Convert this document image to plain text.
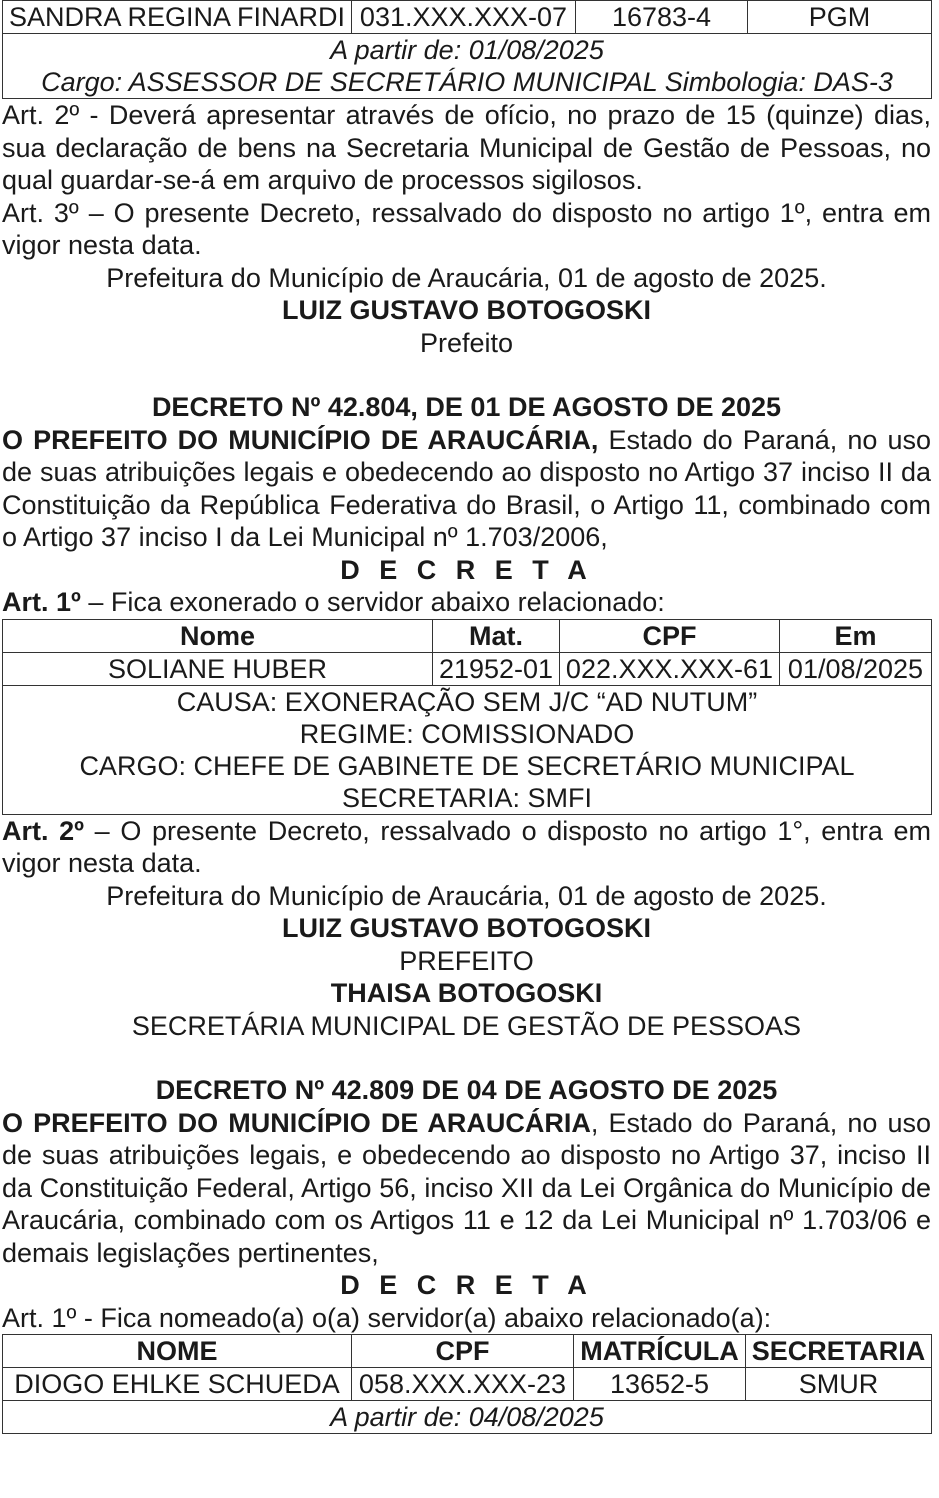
SANDRA REGINA FINARDI	031.XXX.XXX-07	16783-4	PGM

A partir de: 01/08/2025
Cargo: ASSESSOR DE SECRETÁRIO MUNICIPAL Simbologia: DAS-3

Art. 2º - Deverá apresentar através de ofício, no prazo de 15 (quinze) dias, sua declaração de bens na Secretaria Municipal de Gestão de Pessoas, no qual guardar-se-á em arquivo de processos sigilosos.

Art. 3º – O presente Decreto, ressalvado do disposto no artigo 1º, entra em vigor nesta data.

Prefeitura do Município de Araucária, 01 de agosto de 2025.

LUIZ GUSTAVO BOTOGOSKI

Prefeito

DECRETO Nº 42.804, DE 01 DE AGOSTO DE 2025

O PREFEITO DO MUNICÍPIO DE ARAUCÁRIA, Estado do Paraná, no uso de suas atribuições legais e obedecendo ao disposto no Artigo 37 inciso II da Constituição da República Federativa do Brasil, o Artigo 11, combinado com o Artigo 37 inciso I da Lei Municipal nº 1.703/2006,

D E C R E T A

Art. 1º – Fica exonerado o servidor abaixo relacionado:

Nome	Mat.	CPF	Em
SOLIANE HUBER	21952-01	022.XXX.XXX-61	01/08/2025

CAUSA: EXONERAÇÃO SEM J/C “AD NUTUM”
REGIME: COMISSIONADO
CARGO: CHEFE DE GABINETE DE SECRETÁRIO MUNICIPAL
SECRETARIA: SMFI			

Art. 2º – O presente Decreto, ressalvado o disposto no artigo 1°, entra em vigor nesta data.

Prefeitura do Município de Araucária, 01 de agosto de 2025.

LUIZ GUSTAVO BOTOGOSKI

PREFEITO

THAISA BOTOGOSKI

SECRETÁRIA MUNICIPAL DE GESTÃO DE PESSOAS

DECRETO Nº 42.809 DE 04 DE AGOSTO DE 2025

O PREFEITO DO MUNICÍPIO DE ARAUCÁRIA, Estado do Paraná, no uso de suas atribuições legais, e obedecendo ao disposto no Artigo 37, inciso II da Constituição Federal, Artigo 56, inciso XII da Lei Orgânica do Município de Araucária, combinado com os Artigos 11 e 12 da Lei Municipal nº 1.703/06 e demais legislações pertinentes,

D E C R E T A

Art. 1º - Fica nomeado(a) o(a) servidor(a) abaixo relacionado(a):

NOME	CPF	MATRÍCULA	SECRETARIA
DIOGO EHLKE SCHUEDA	058.XXX.XXX-23	13652-5	SMUR
A partir de: 04/08/2025			
